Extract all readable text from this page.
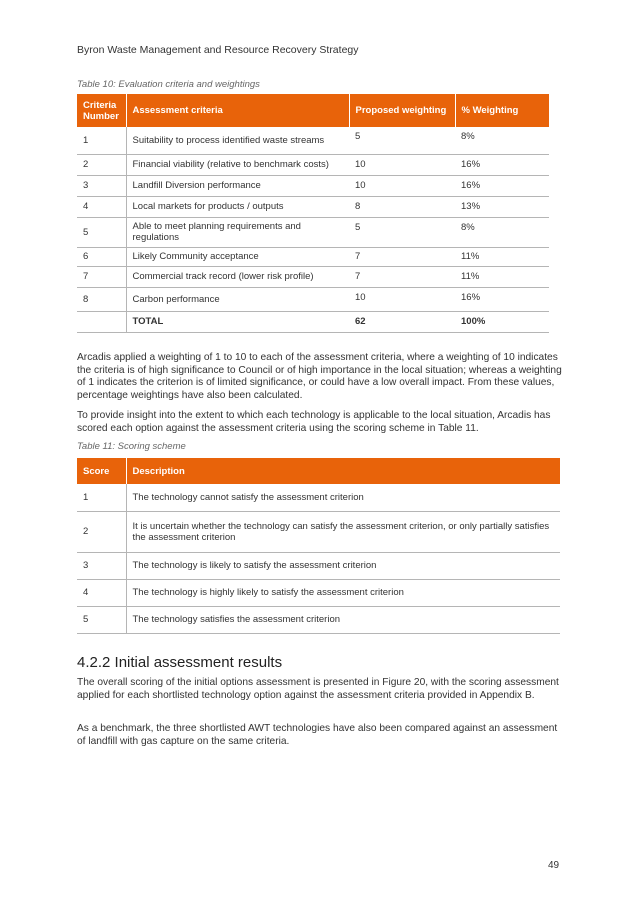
Byron Waste Management and Resource Recovery Strategy
Table 10: Evaluation criteria and weightings
Criteria Number	Assessment criteria	Proposed weighting	% Weighting
1	Suitability to process identified waste streams	5	8%
2	Financial viability (relative to benchmark costs)	10	16%
3	Landfill Diversion performance	10	16%
4	Local markets for products / outputs	8	13%
5	Able to meet planning requirements and regulations	5	8%
6	Likely Community acceptance	7	11%
7	Commercial track record (lower risk profile)	7	11%
8	Carbon performance	10	16%
	TOTAL	62	100%

Arcadis applied a weighting of 1 to 10 to each of the assessment criteria, where a weighting of 10 indicates the criteria is of high significance to Council or of high importance in the local situation; whereas a weighting of 1 indicates the criterion is of limited significance, or could have a low overall impact. From these values, percentage weightings have also been calculated.

To provide insight into the extent to which each technology is applicable to the local situation, Arcadis has scored each option against the assessment criteria using the scoring scheme in Table 11.

Table 11: Scoring scheme
Score	Description
1	The technology cannot satisfy the assessment criterion
2	It is uncertain whether the technology can satisfy the assessment criterion, or only partially satisfies the assessment criterion
3	The technology is likely to satisfy the assessment criterion
4	The technology is highly likely to satisfy the assessment criterion
5	The technology satisfies the assessment criterion
4.2.2 Initial assessment results

The overall scoring of the initial options assessment is presented in Figure 20, with the scoring assessment applied for each shortlisted technology option against the assessment criteria provided in Appendix B.

As a benchmark, the three shortlisted AWT technologies have also been compared against an assessment of landfill with gas capture on the same criteria.

49
